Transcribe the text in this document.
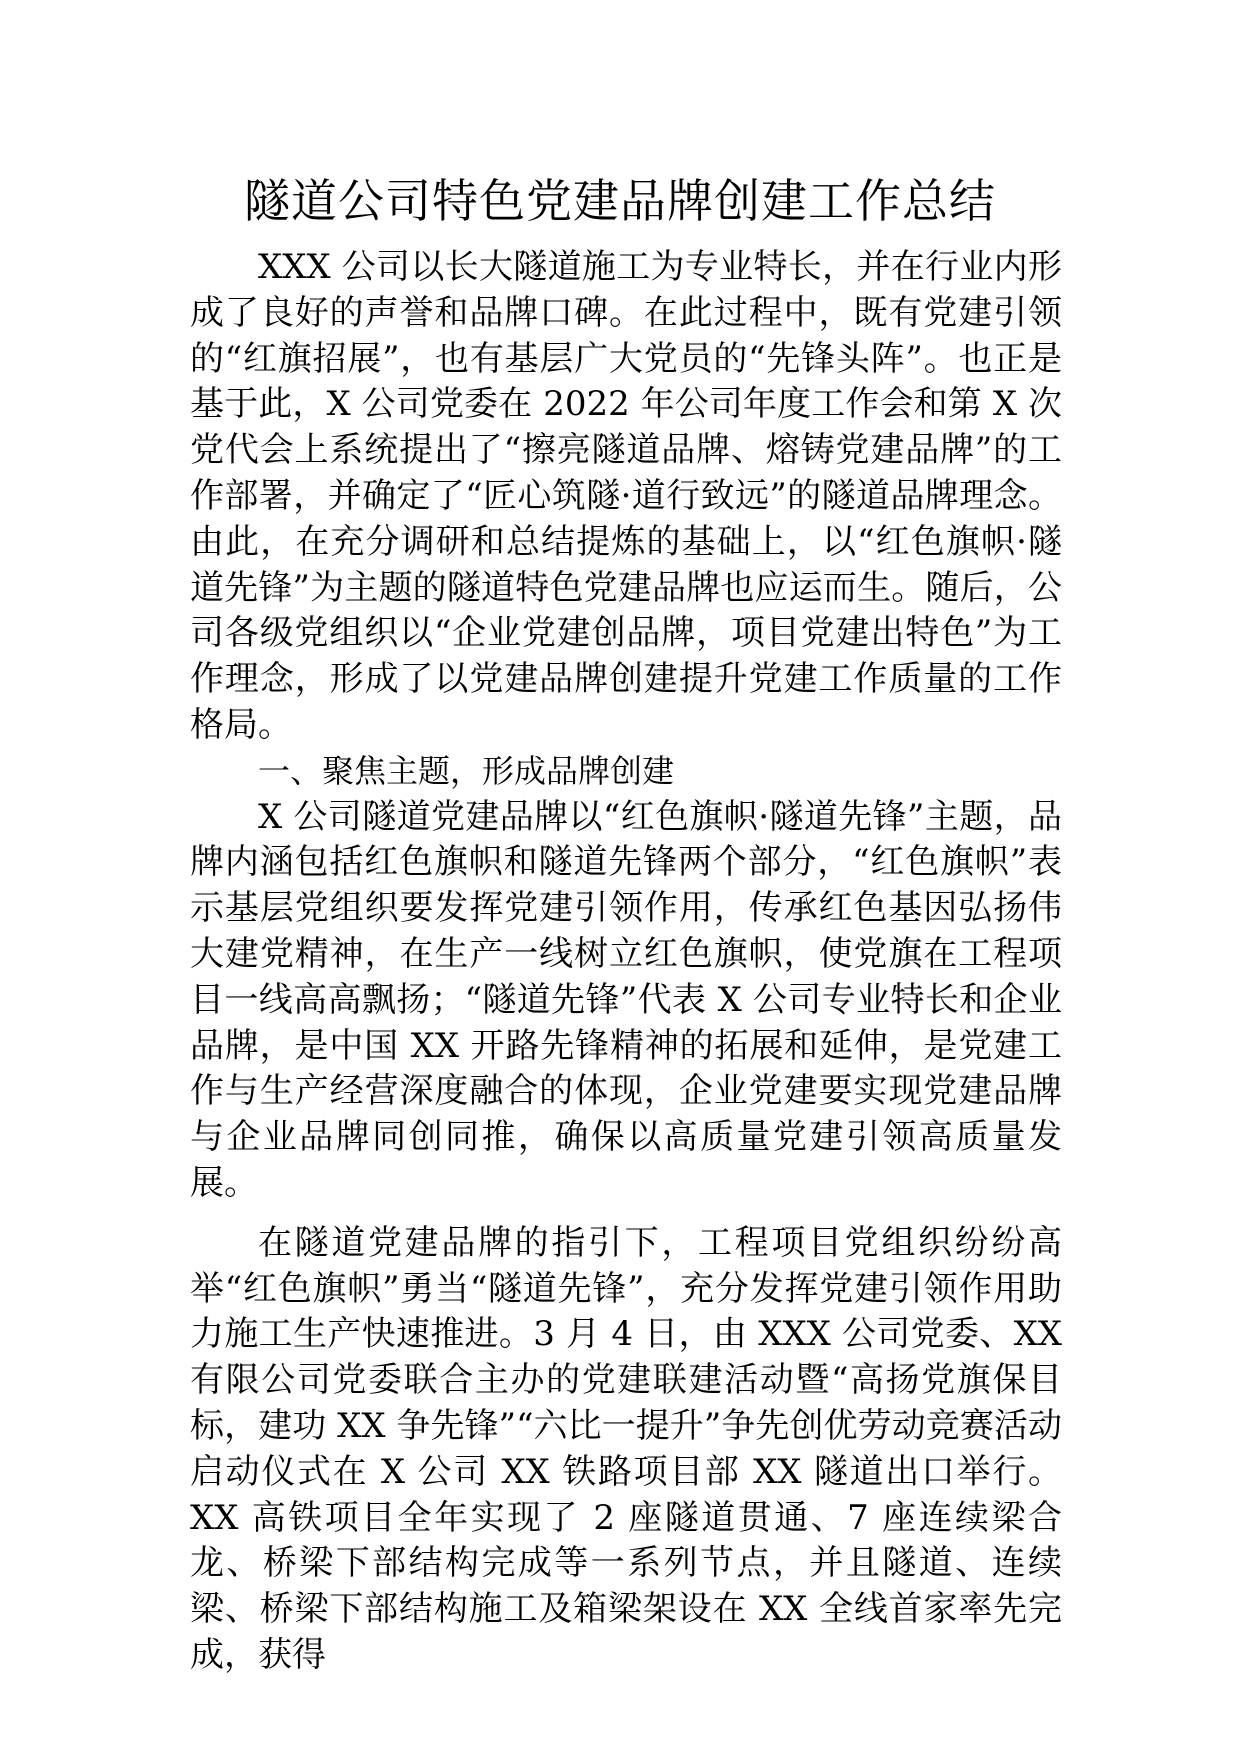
隧道公司特色党建品牌创建工作总结

XXX 公司以长大隧道施工为专业特长，并在行业内形成了良好的声誉和品牌口碑。在此过程中，既有党建引领的“红旗招展”，也有基层广大党员的“先锋头阵”。也正是基于此，X 公司党委在 2022 年公司年度工作会和第 X 次党代会上系统提出了“擦亮隧道品牌、熔铸党建品牌”的工作部署，并确定了“匠心筑隧·道行致远”的隧道品牌理念。由此，在充分调研和总结提炼的基础上，以“红色旗帜·隧道先锋”为主题的隧道特色党建品牌也应运而生。随后，公司各级党组织以“企业党建创品牌，项目党建出特色”为工作理念，形成了以党建品牌创建提升党建工作质量的工作格局。

一、聚焦主题，形成品牌创建

X 公司隧道党建品牌以“红色旗帜·隧道先锋”主题，品牌内涵包括红色旗帜和隧道先锋两个部分，“红色旗帜”表示基层党组织要发挥党建引领作用，传承红色基因弘扬伟大建党精神，在生产一线树立红色旗帜，使党旗在工程项目一线高高飘扬；“隧道先锋”代表 X 公司专业特长和企业品牌，是中国 XX 开路先锋精神的拓展和延伸，是党建工作与生产经营深度融合的体现，企业党建要实现党建品牌与企业品牌同创同推，确保以高质量党建引领高质量发展。

在隧道党建品牌的指引下，工程项目党组织纷纷高举“红色旗帜”勇当“隧道先锋”，充分发挥党建引领作用助力施工生产快速推进。3 月 4 日，由 XXX 公司党委、XX 有限公司党委联合主办的党建联建活动暨“高扬党旗保目标，建功 XX 争先锋”“六比一提升”争先创优劳动竞赛活动启动仪式在 X 公司 XX 铁路项目部 XX 隧道出口举行。XX 高铁项目全年实现了 2 座隧道贯通、7 座连续梁合龙、桥梁下部结构完成等一系列节点，并且隧道、连续梁、桥梁下部结构施工及箱梁架设在 XX 全线首家率先完成，获得
